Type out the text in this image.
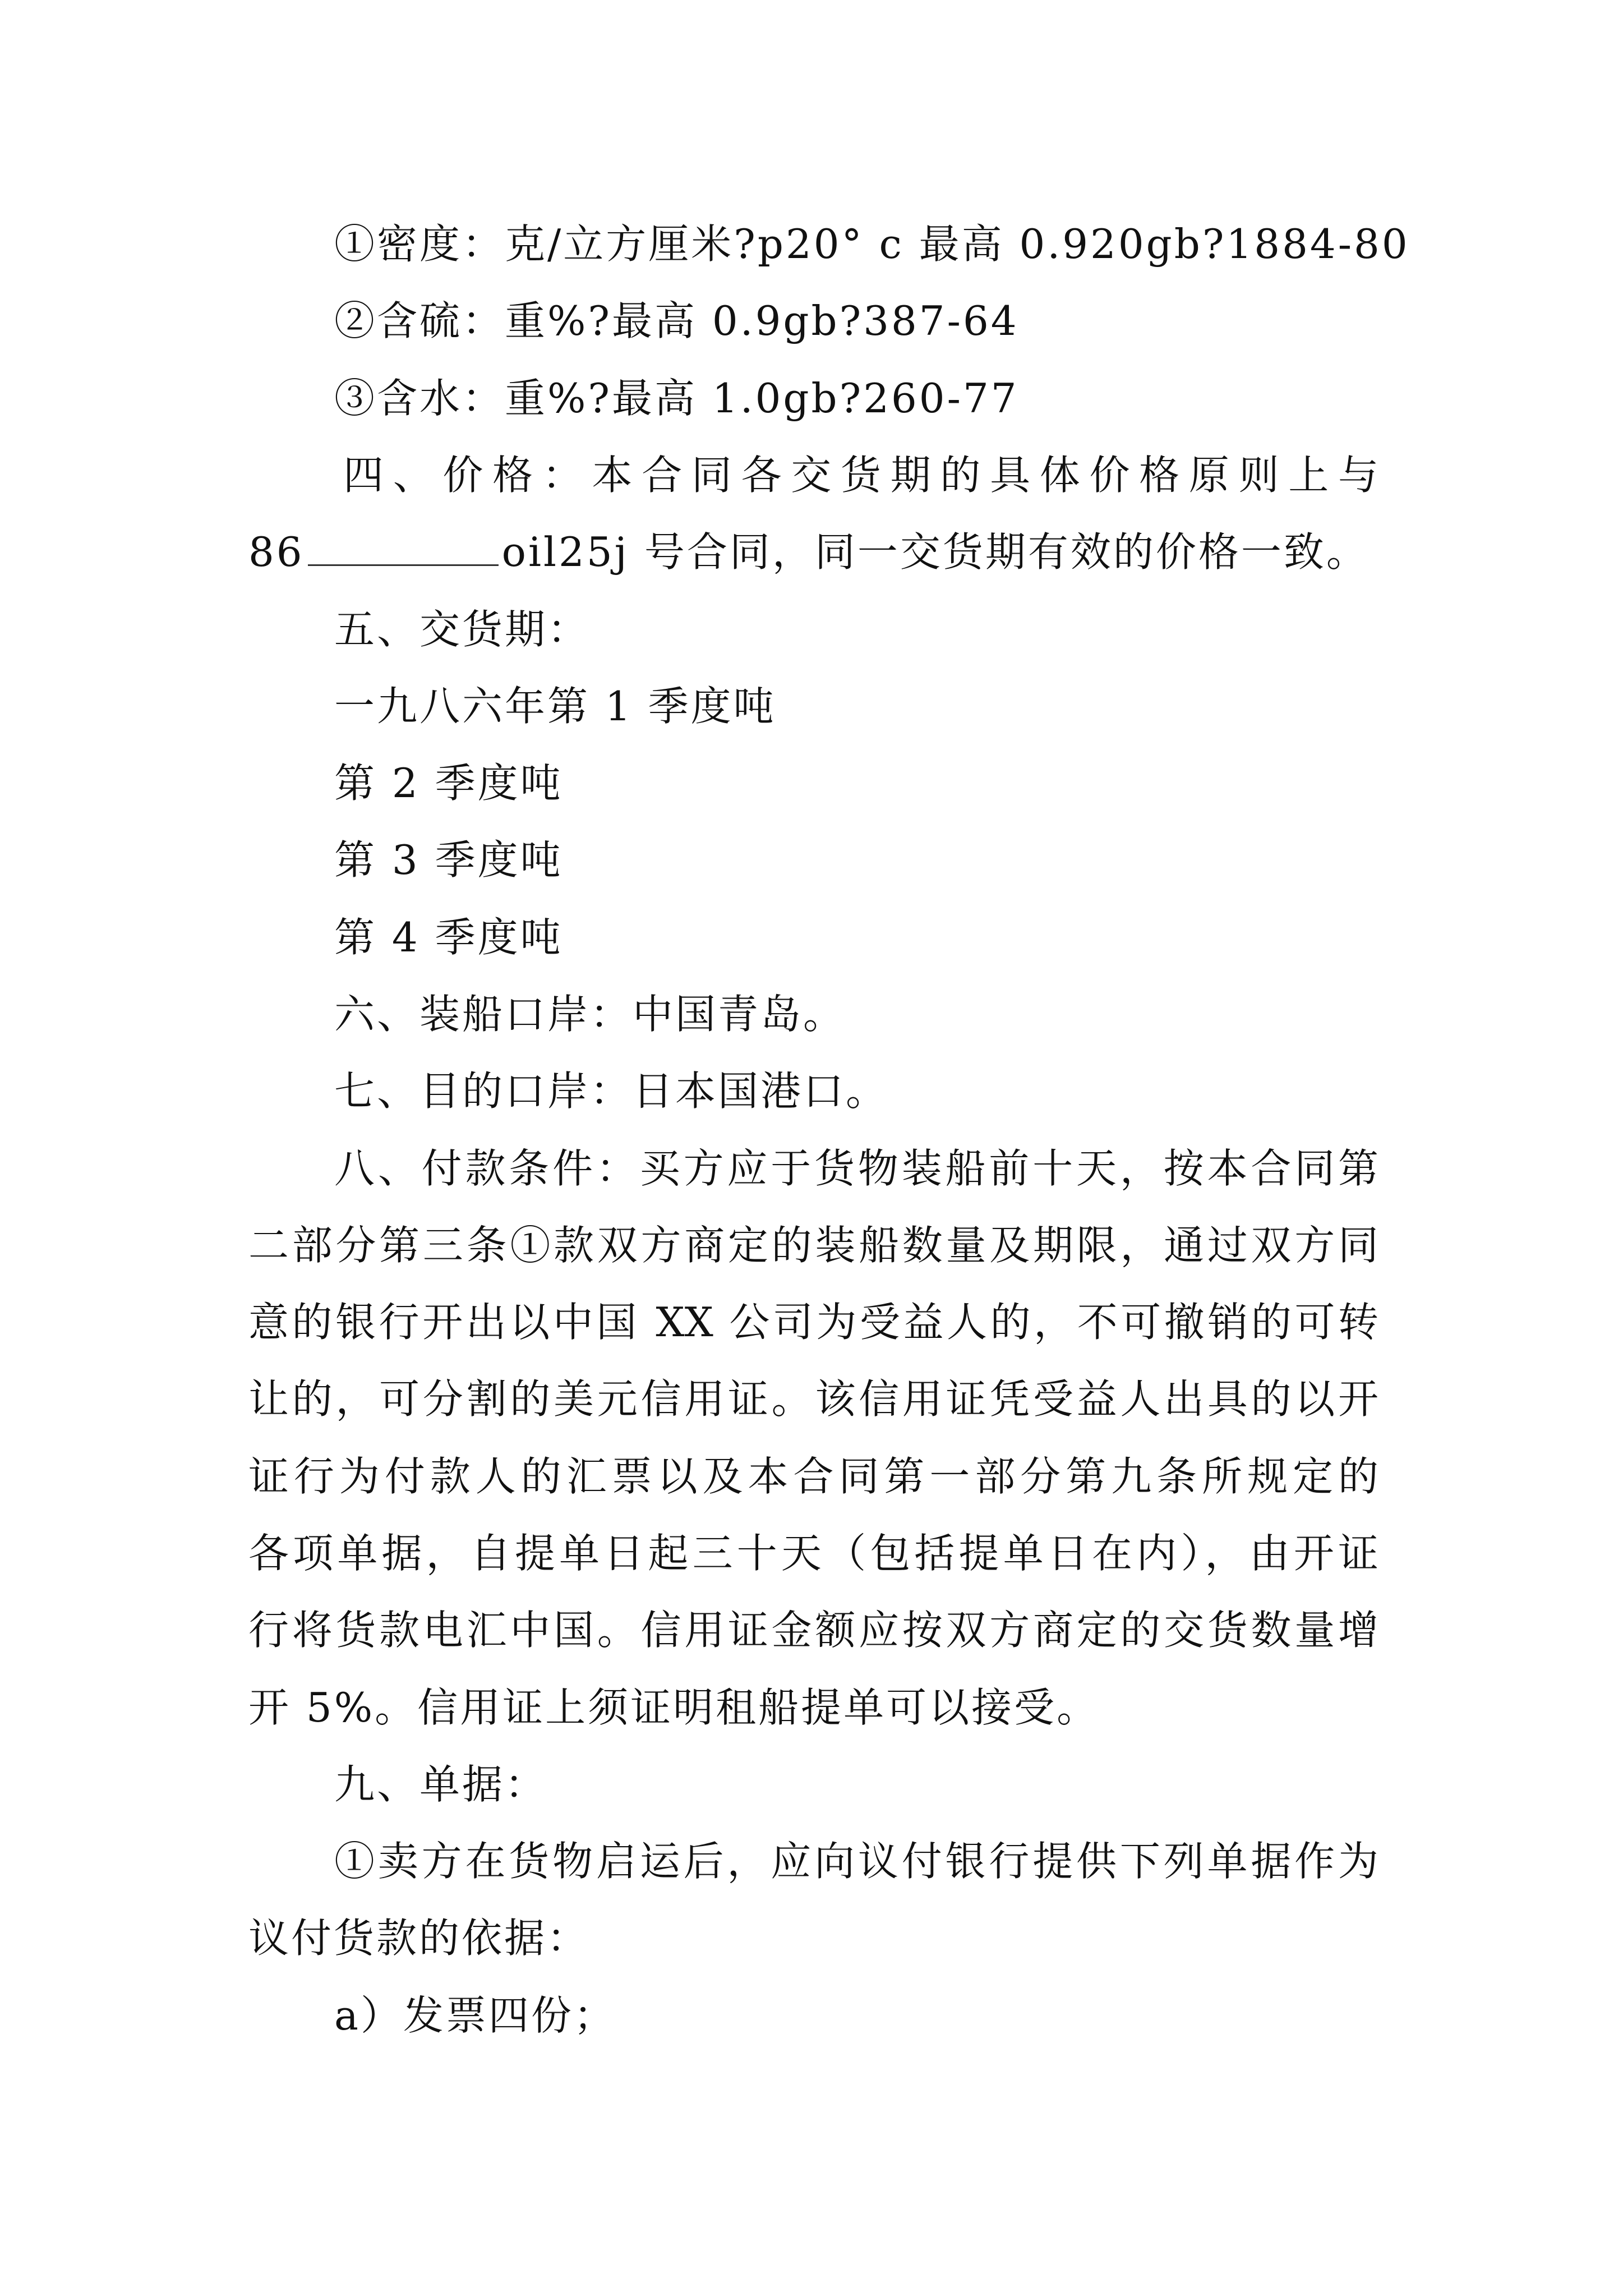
①密度：克/立方厘米?p20° c 最高 0.920gb?1884-80
②含硫：重%?最高 0.9gb?387-64
③含水：重%?最高 1.0gb?260-77
四、价格：本合同各交货期的具体价格原则上与
86	oil25j 号合同，同一交货期有效的价格一致。
五、交货期：
一九八六年第 1 季度吨
第 2 季度吨
第 3 季度吨
第 4 季度吨
六、装船口岸：中国青岛。
七、目的口岸：日本国港口。
八、付款条件：买方应于货物装船前十天，按本合同第
二部分第三条①款双方商定的装船数量及期限，通过双方同
意的银行开出以中国 XX 公司为受益人的，不可撤销的可转
让的，可分割的美元信用证。该信用证凭受益人出具的以开
证行为付款人的汇票以及本合同第一部分第九条所规定的
各项单据，自提单日起三十天（包括提单日在内），由开证
行将货款电汇中国。信用证金额应按双方商定的交货数量增
开 5%。信用证上须证明租船提单可以接受。
九、单据：
①卖方在货物启运后，应向议付银行提供下列单据作为
议付货款的依据：
a）发票四份；
